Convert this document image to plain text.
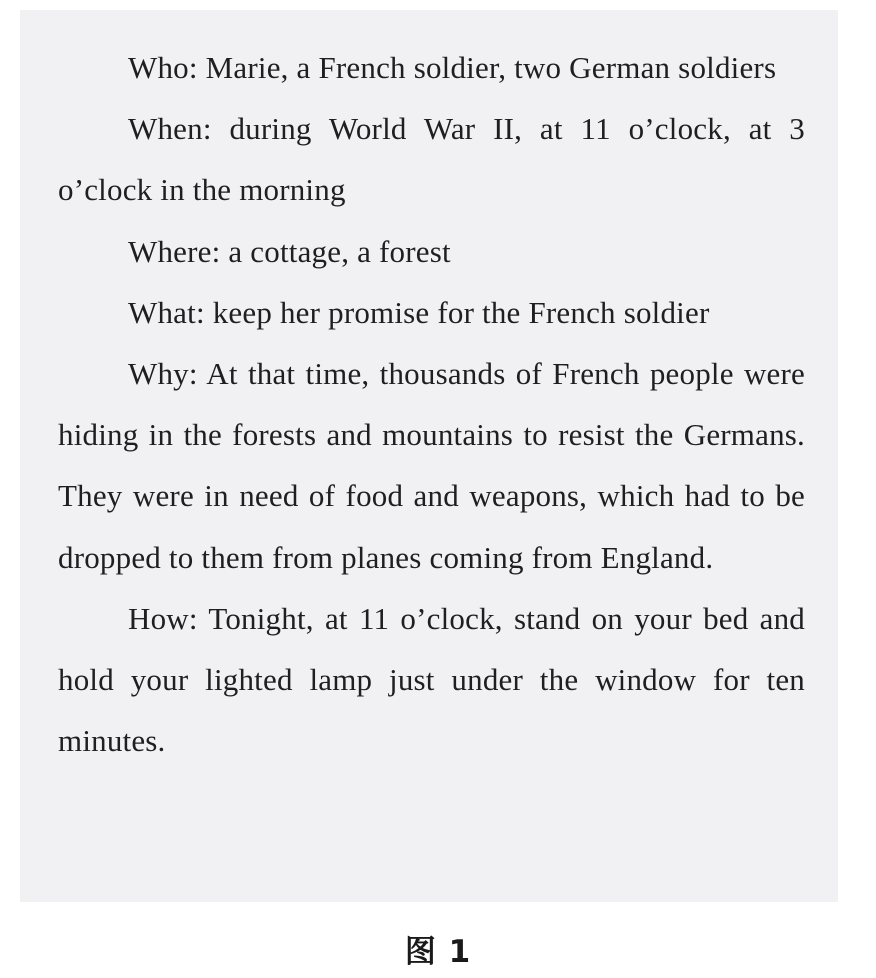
Who: Marie, a French soldier, two German soldiers

When: during World War II, at 11 o’clock, at 3 o’clock in the morning

Where: a cottage, a forest

What: keep her promise for the French soldier

Why: At that time, thousands of French people were hiding in the forests and mountains to resist the Germans. They were in need of food and weapons, which had to be dropped to them from planes coming from England.

How: Tonight, at 11 o’clock, stand on your bed and hold your lighted lamp just under the window for ten minutes.

图 1
